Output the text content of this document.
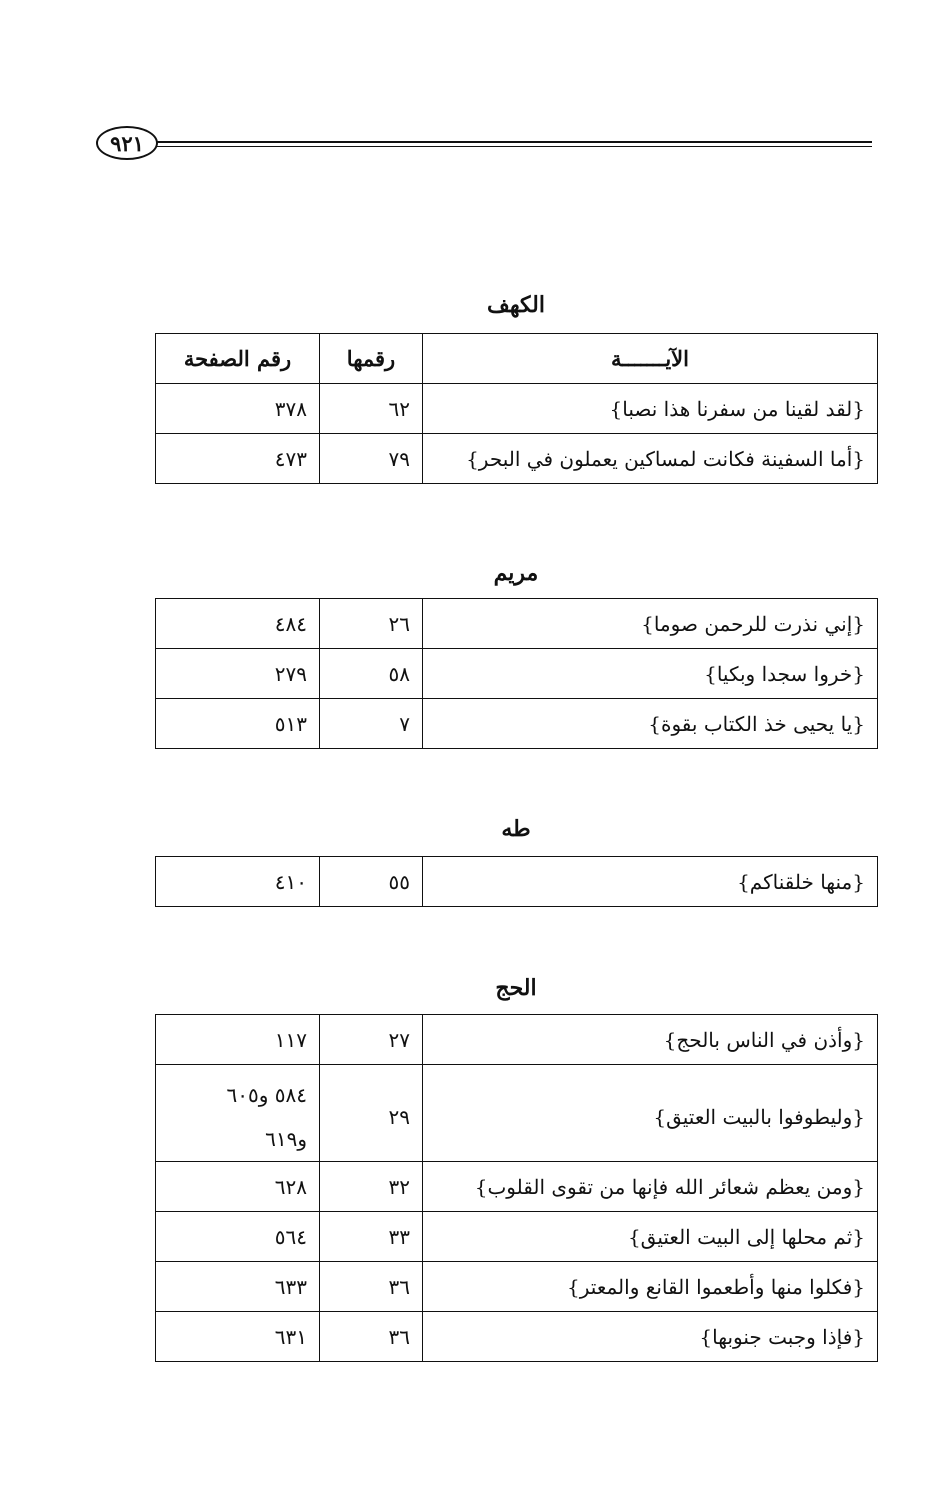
٩٢١
الكهف
الآيـــــــة	رقمها	رقم الصفحة
{لقد لقينا من سفرنا هذا نصبا}	٦٢	٣٧٨
{أما السفينة فكانت لمساكين يعملون في البحر}	٧٩	٤٧٣
مريم
{إني نذرت للرحمن صوما}	٢٦	٤٨٤
{خروا سجدا وبكيا}	٥٨	٢٧٩
{يا يحيى خذ الكتاب بقوة}	٧	٥١٣
طه
{منها خلقناكم}	٥٥	٤١٠
الحج
{وأذن في الناس بالحج}	٢٧	١١٧
{وليطوفوا بالبيت العتيق}	٢٩	٥٨٤ و٦٠٥
و٦١٩

{ومن يعظم شعائر الله فإنها من تقوى القلوب}	٣٢	٦٢٨
{ثم محلها إلى البيت العتيق}	٣٣	٥٦٤
{فكلوا منها وأطعموا القانع والمعتر}	٣٦	٦٣٣
{فإذا وجبت جنوبها}	٣٦	٦٣١
